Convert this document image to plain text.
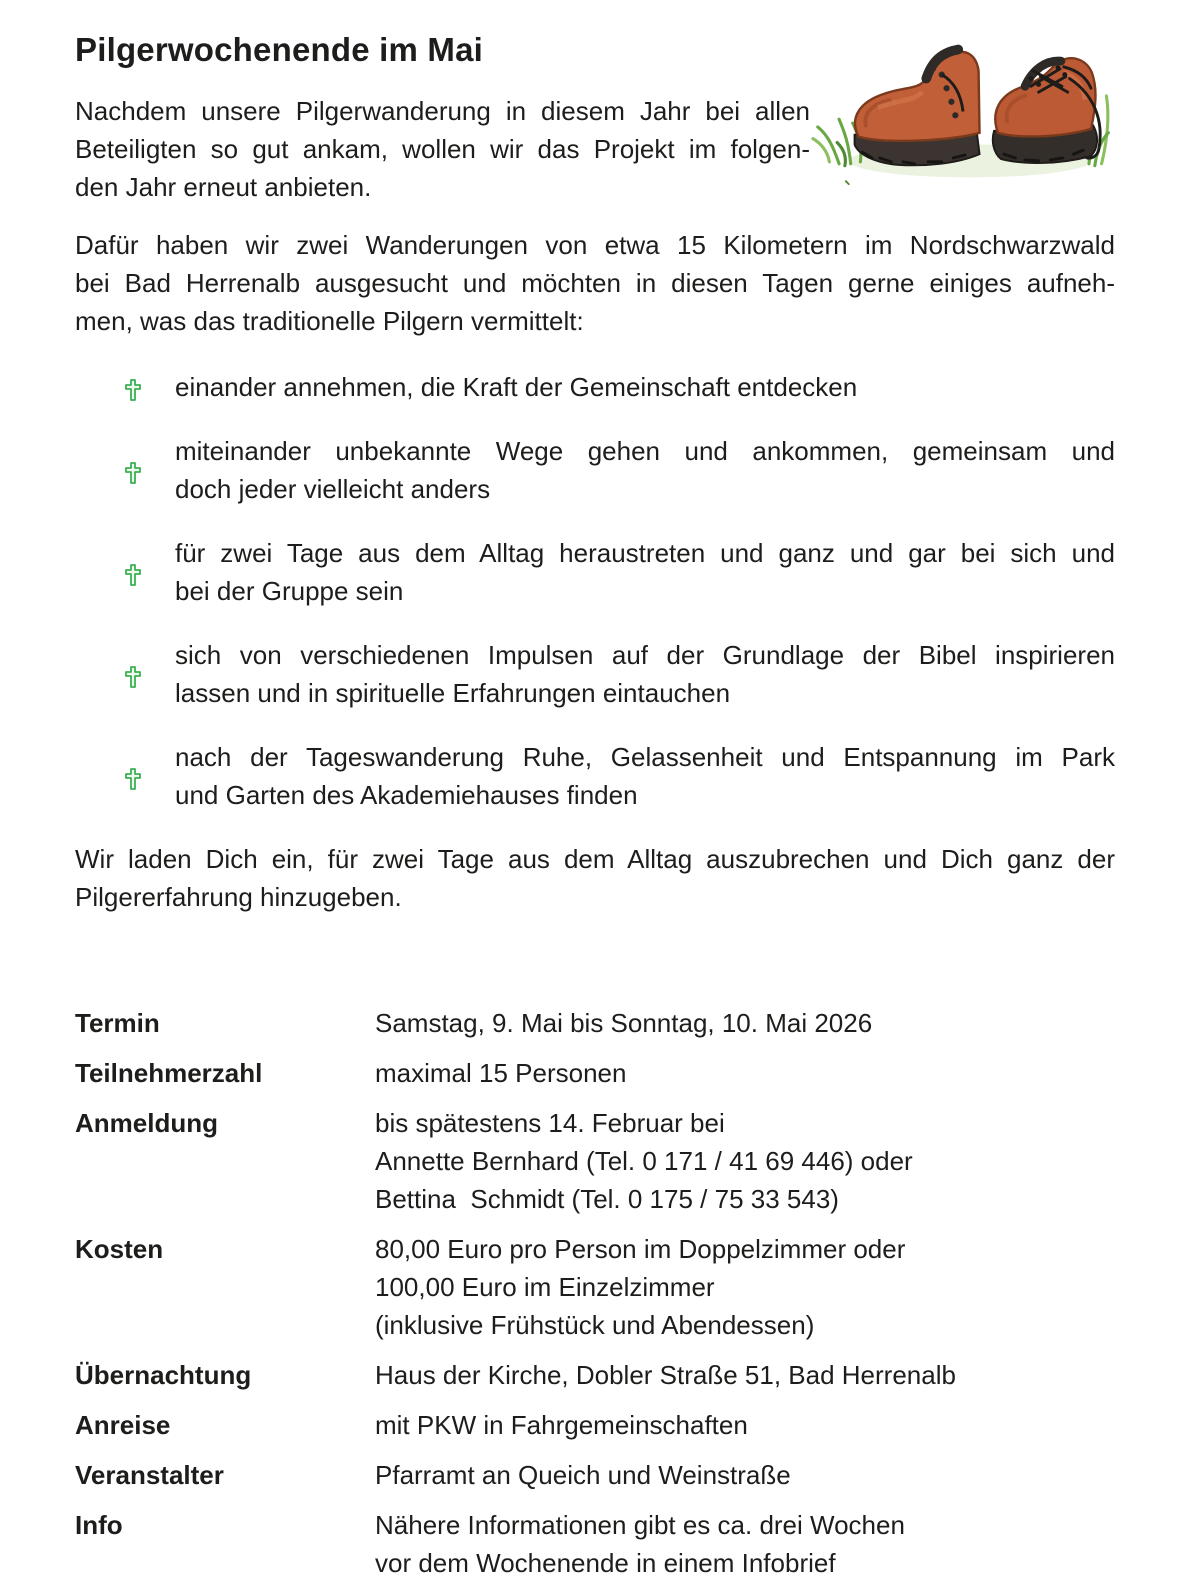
Pilgerwochenende im Mai
Nachdem unsere Pilgerwanderung in diesem Jahr bei allen
Beteiligten so gut ankam, wollen wir das Projekt im folgen-
den Jahr erneut anbieten.
Dafür haben wir zwei Wanderungen von etwa 15 Kilometern im Nordschwarzwald
bei Bad Herrenalb ausgesucht und möchten in diesen Tagen gerne einiges aufneh-
men, was das traditionelle Pilgern vermittelt:
einander annehmen, die Kraft der Gemeinschaft entdecken
miteinander unbekannte Wege gehen und ankommen, gemeinsam und
doch jeder vielleicht anders
für zwei Tage aus dem Alltag heraustreten und ganz und gar bei sich und
bei der Gruppe sein
sich von verschiedenen Impulsen auf der Grundlage der Bibel inspirieren
lassen und in spirituelle Erfahrungen eintauchen
nach der Tageswanderung Ruhe, Gelassenheit und Entspannung im Park
und Garten des Akademiehauses finden
Wir laden Dich ein, für zwei Tage aus dem Alltag auszubrechen und Dich ganz der
Pilgererfahrung hinzugeben.
Termin	Samstag, 9. Mai bis Sonntag, 10. Mai 2026
Teilnehmerzahl	maximal 15 Personen
Anmeldung	bis spätestens 14. Februar bei
Annette Bernhard (Tel. 0 171 / 41 69 446) oder
Bettina  Schmidt (Tel. 0 175 / 75 33 543)
Kosten	80,00 Euro pro Person im Doppelzimmer oder
100,00 Euro im Einzelzimmer
(inklusive Frühstück und Abendessen)
Übernachtung	Haus der Kirche, Dobler Straße 51, Bad Herrenalb
Anreise	mit PKW in Fahrgemeinschaften
Veranstalter	Pfarramt an Queich und Weinstraße
Info	Nähere Informationen gibt es ca. drei Wochen
vor dem Wochenende in einem Infobrief
